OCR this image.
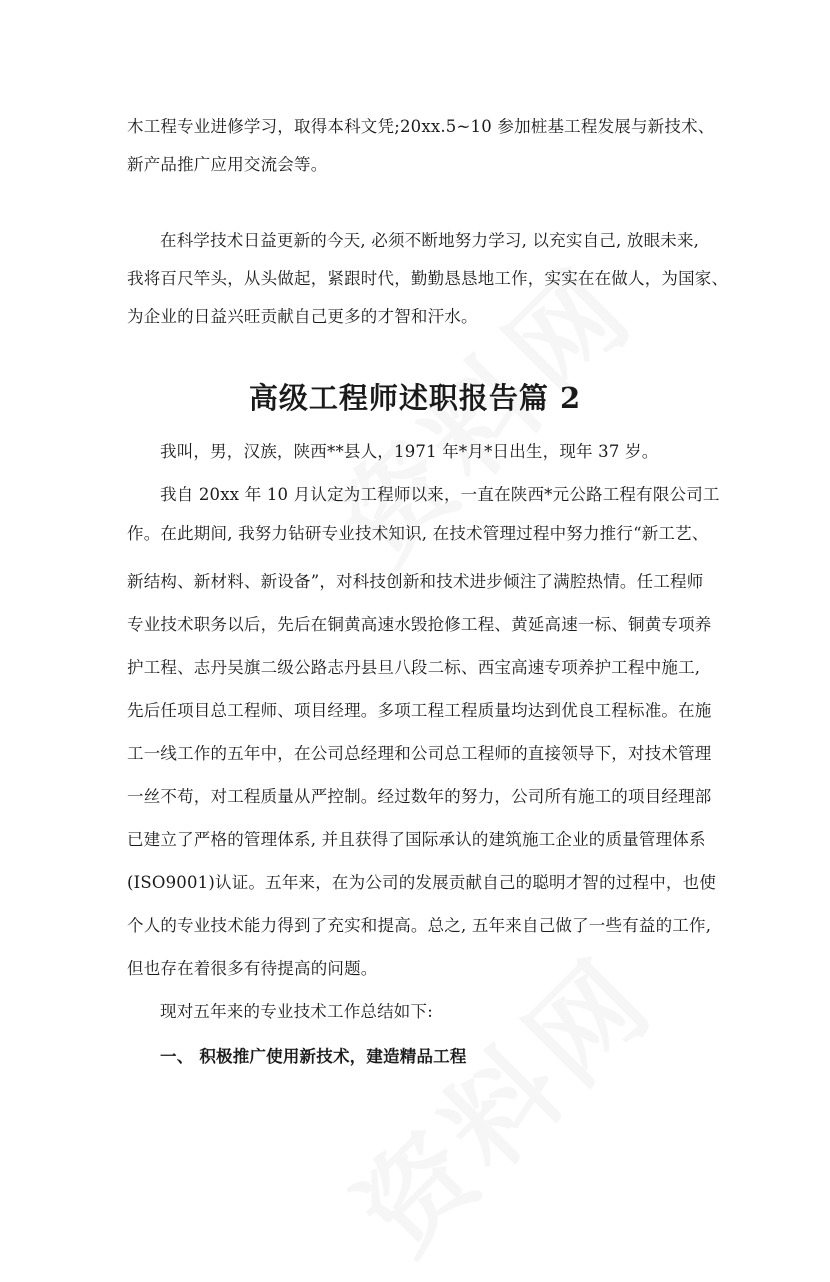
木工程专业进修学习，取得本科文凭;20xx.5~10 参加桩基工程发展与新技术、
新产品推广应用交流会等。
在科学技术日益更新的今天, 必须不断地努力学习, 以充实自己, 放眼未来,
我将百尺竿头，从头做起，紧跟时代，勤勤恳恳地工作，实实在在做人，为国家、
为企业的日益兴旺贡献自己更多的才智和汗水。
高级工程师述职报告篇 2
我叫，男，汉族，陕西**县人，1971 年*月*日出生，现年 37 岁。
我自 20xx 年 10 月认定为工程师以来，一直在陕西*元公路工程有限公司工
作。在此期间, 我努力钻研专业技术知识, 在技术管理过程中努力推行“新工艺、
新结构、新材料、新设备”，对科技创新和技术进步倾注了满腔热情。任工程师
专业技术职务以后，先后在铜黄高速水毁抢修工程、黄延高速一标、铜黄专项养
护工程、志丹吴旗二级公路志丹县旦八段二标、西宝高速专项养护工程中施工,
先后任项目总工程师、项目经理。多项工程工程质量均达到优良工程标准。在施
工一线工作的五年中，在公司总经理和公司总工程师的直接领导下，对技术管理
一丝不苟，对工程质量从严控制。经过数年的努力，公司所有施工的项目经理部
已建立了严格的管理体系, 并且获得了国际承认的建筑施工企业的质量管理体系
(ISO9001)认证。五年来，在为公司的发展贡献自己的聪明才智的过程中，也使
个人的专业技术能力得到了充实和提高。总之, 五年来自己做了一些有益的工作,
但也存在着很多有待提高的问题。
现对五年来的专业技术工作总结如下:
一、 积极推广使用新技术，建造精品工程
